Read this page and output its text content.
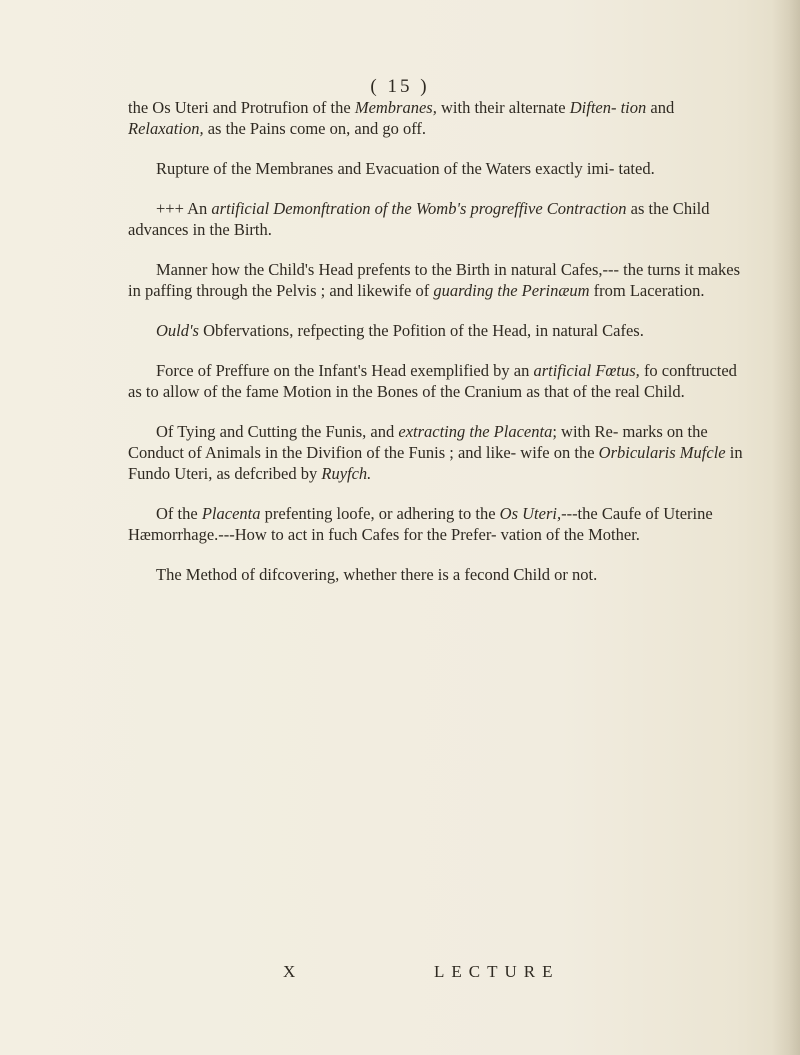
( 15 )

the Os Uteri and Protrufion of the Membranes, with their alternate Diften- tion and Relaxation, as the Pains come on, and go off.

Rupture of the Membranes and Evacuation of the Waters exactly imi- tated.

+++ An artificial Demonftration of the Womb's progreffive Contraction as the Child advances in the Birth.

Manner how the Child's Head prefents to the Birth in natural Cafes,--- the turns it makes in paffing through the Pelvis ; and likewife of guarding the Perinæum from Laceration.

Ould's Obfervations, refpecting the Pofition of the Head, in natural Cafes.

Force of Preffure on the Infant's Head exemplified by an artificial Fœtus, fo conftructed as to allow of the fame Motion in the Bones of the Cranium as that of the real Child.

Of Tying and Cutting the Funis, and extracting the Placenta; with Re- marks on the Conduct of Animals in the Divifion of the Funis ; and like- wife on the Orbicularis Mufcle in Fundo Uteri, as defcribed by Ruyfch.

Of the Placenta prefenting loofe, or adhering to the Os Uteri,---the Caufe of Uterine Hæmorrhage.---How to act in fuch Cafes for the Prefer- vation of the Mother.

The Method of difcovering, whether there is a fecond Child or not.

X	LECTURE
